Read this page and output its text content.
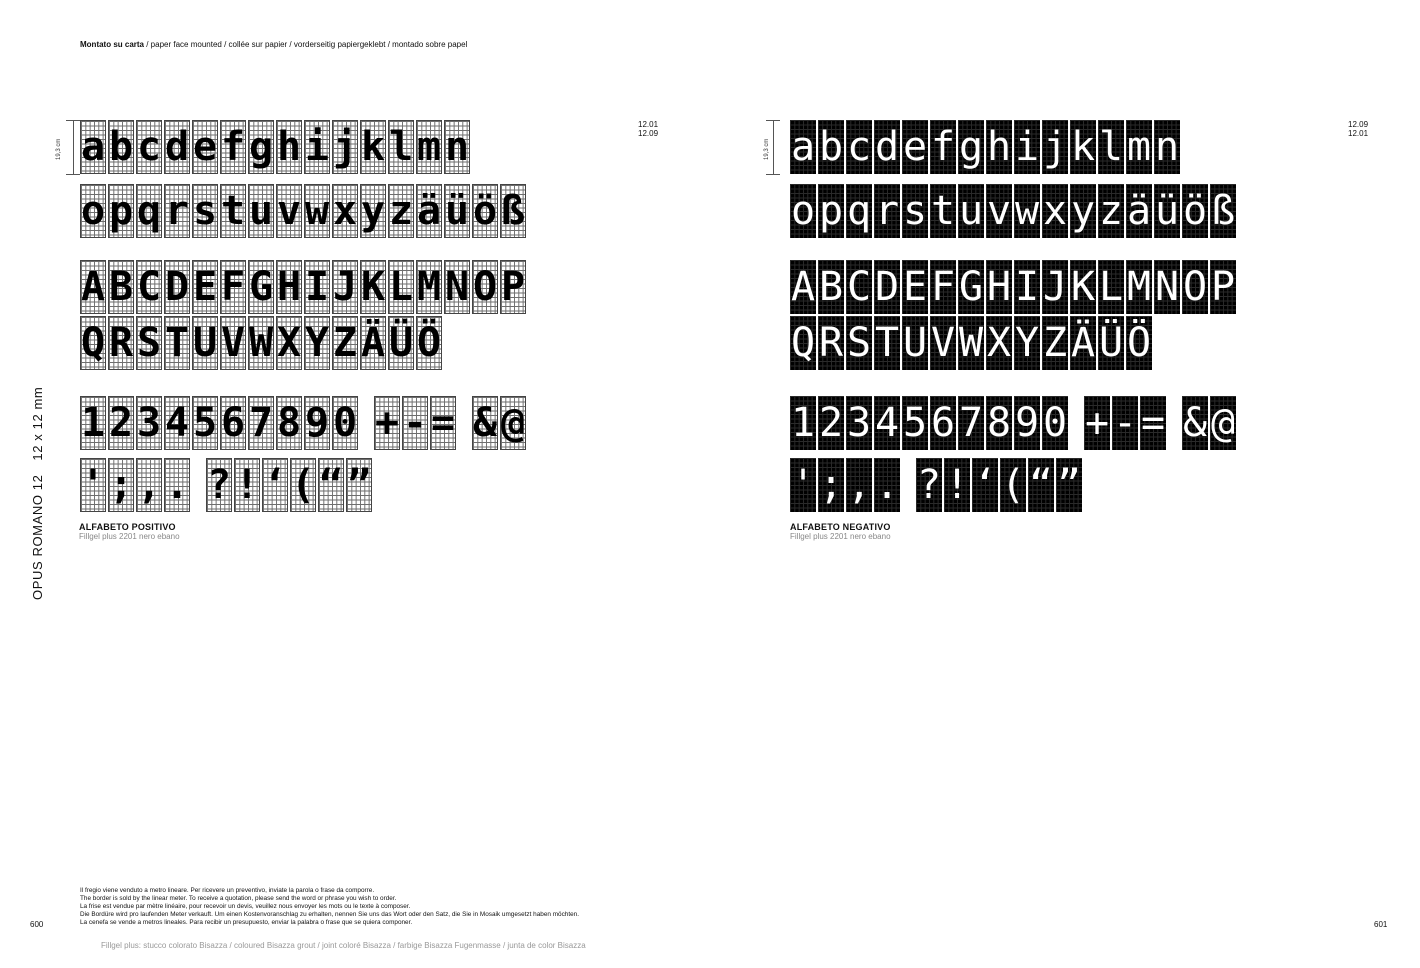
Montato su carta / paper face mounted / collée sur papier / vorderseitig papiergeklebt / montado sobre papel
OPUS ROMANO 1212 x 12 mm
19,3 cm	19,3 cm
12.01
12.09
12.09
12.01
a b c d e f g h i j k l m n
o p q r s t u v w x y z ä ü ö ß
A B C D E F G H I J K L M N O P
Q R S T U V W X Y Z Ä Ü Ö
1 2 3 4 5 6 7 8 9 0 + - = & @
' ; , . ? ! ‘ ( “ ”
a b c d e f g h i j k l m n
o p q r s t u v w x y z ä ü ö ß
A B C D E F G H I J K L M N O P
Q R S T U V W X Y Z Ä Ü Ö
1 2 3 4 5 6 7 8 9 0 + - = & @
' ; , . ? ! ‘ ( “ ”
ALFABETO POSITIVO
Fillgel plus 2201 nero ebano
ALFABETO NEGATIVO
Fillgel plus 2201 nero ebano
Il fregio viene venduto a metro lineare. Per ricevere un preventivo, inviate la parola o frase da comporre.
The border is sold by the linear meter. To receive a quotation, please send the word or phrase you wish to order.
La frise est vendue par mètre linéaire, pour recevoir un devis, veuillez nous envoyer les mots ou le texte à composer.
Die Bordüre wird pro laufenden Meter verkauft. Um einen Kostenvoranschlag zu erhalten, nennen Sie uns das Wort oder den Satz, die Sie in Mosaik umgesetzt haben möchten.
La cenefa se vende a metros lineales. Para recibir un presupuesto, enviar la palabra o frase que se quiera componer.
Fillgel plus: stucco colorato Bisazza / coloured Bisazza grout / joint coloré Bisazza / farbige Bisazza Fugenmasse / junta de color Bisazza
600	601
